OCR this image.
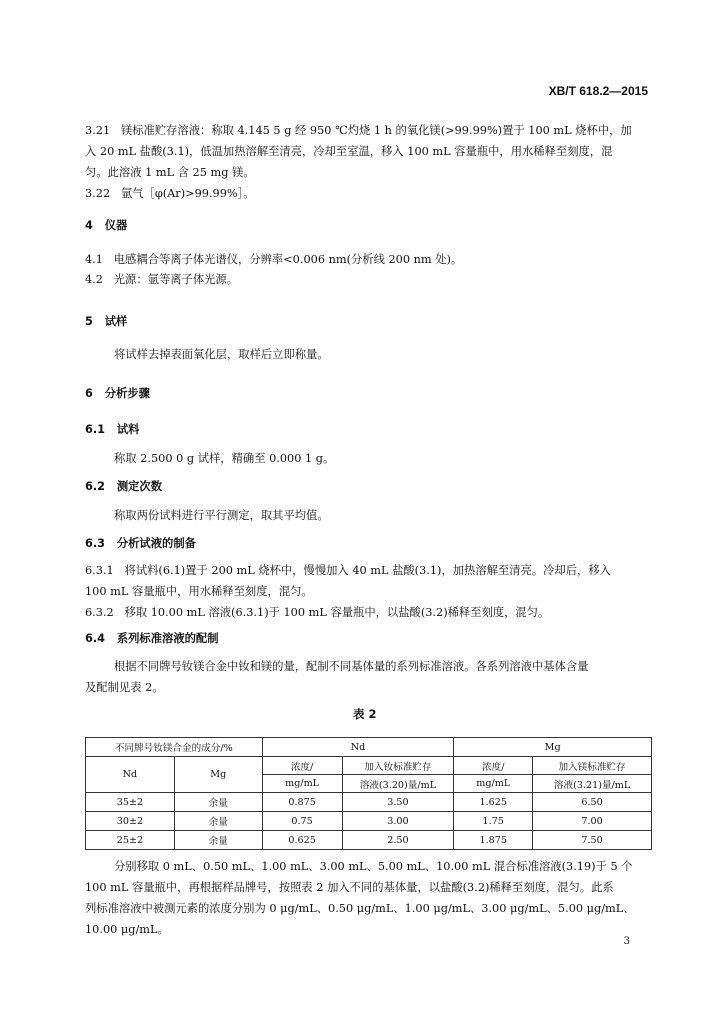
XB/T 618.2—2015
3.21 镁标准贮存溶液：称取 4.145 5 g 经 950 ℃灼烧 1 h 的氧化镁(>99.99%)置于 100 mL 烧杯中，加
入 20 mL 盐酸(3.1)，低温加热溶解至清亮，冷却至室温，移入 100 mL 容量瓶中，用水稀释至刻度，混
匀。此溶液 1 mL 含 25 mg 镁。
3.22 氩气［φ(Ar)>99.99%］。
4 仪器
4.1 电感耦合等离子体光谱仪，分辨率<0.006 nm(分析线 200 nm 处)。
4.2 光源：氩等离子体光源。
5 试样
将试样去掉表面氧化层，取样后立即称量。
6 分析步骤
6.1 试料
称取 2.500 0 g 试样，精确至 0.000 1 g。
6.2 测定次数
称取两份试料进行平行测定，取其平均值。
6.3 分析试液的制备
6.3.1 将试料(6.1)置于 200 mL 烧杯中，慢慢加入 40 mL 盐酸(3.1)，加热溶解至清亮。冷却后，移入
100 mL 容量瓶中，用水稀释至刻度，混匀。
6.3.2 移取 10.00 mL 溶液(6.3.1)于 100 mL 容量瓶中，以盐酸(3.2)稀释至刻度，混匀。
6.4 系列标准溶液的配制
根据不同牌号钕镁合金中钕和镁的量，配制不同基体量的系列标准溶液。各系列溶液中基体含量
及配制见表 2。
表 2
不同牌号钕镁合金的成分/%		Nd		Mg	
Nd	Mg	浓度/	加入钕标准贮存	浓度/	加入镁标准贮存
		mg/mL	溶液(3.20)量/mL	mg/mL	溶液(3.21)量/mL
35±2	余量	0.875	3.50	1.625	6.50
30±2	余量	0.75	3.00	1.75	7.00
25±2	余量	0.625	2.50	1.875	7.50
分别移取 0 mL、0.50 mL、1.00 mL、3.00 mL、5.00 mL、10.00 mL 混合标准溶液(3.19)于 5 个
100 mL 容量瓶中，再根据样品牌号，按照表 2 加入不同的基体量，以盐酸(3.2)稀释至刻度，混匀。此系
列标准溶液中被测元素的浓度分别为 0 μg/mL、0.50 μg/mL、1.00 μg/mL、3.00 μg/mL、5.00 μg/mL、
10.00 μg/mL。
3
